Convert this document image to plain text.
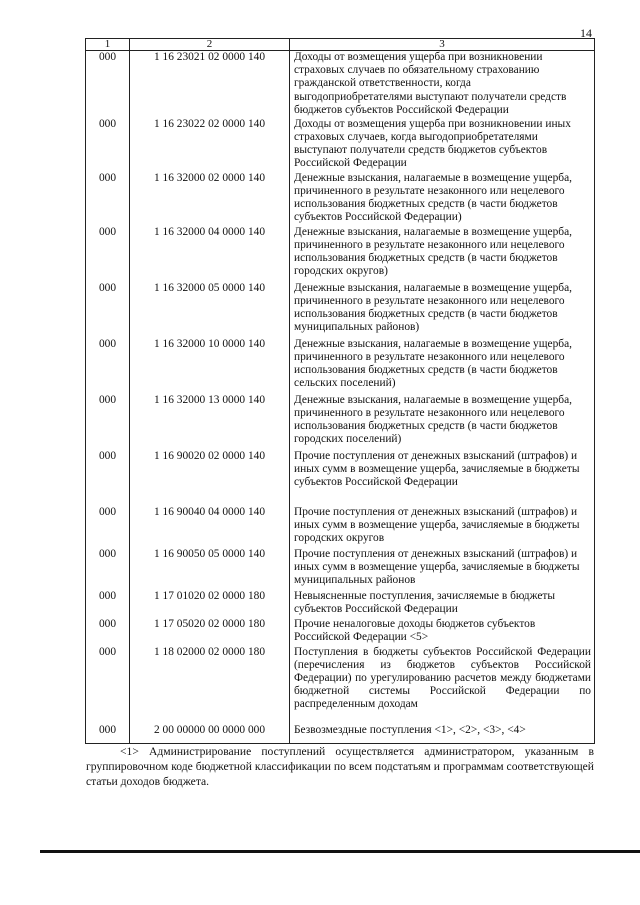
14
1	2	3
000	1 16 23021 02 0000 140	Доходы от возмещения ущерба при возникновении страховых случаев по обязательному страхованию гражданской ответственности, когда выгодоприобретателями выступают получатели средств бюджетов субъектов Российской Федерации
000	1 16 23022 02 0000 140	Доходы от возмещения ущерба при возникновении иных страховых случаев, когда выгодоприобретателями выступают получатели средств бюджетов субъектов Российской Федерации
000	1 16 32000 02 0000 140	Денежные взыскания, налагаемые в возмещение ущерба, причиненного в результате незаконного или нецелевого использования бюджетных средств (в части бюджетов субъектов Российской Федерации)
000	1 16 32000 04 0000 140	Денежные взыскания, налагаемые в возмещение ущерба, причиненного в результате незаконного или нецелевого использования бюджетных средств (в части бюджетов городских округов)
000	1 16 32000 05 0000 140	Денежные взыскания, налагаемые в возмещение ущерба, причиненного в результате незаконного или нецелевого использования бюджетных средств (в части бюджетов муниципальных районов)
000	1 16 32000 10 0000 140	Денежные взыскания, налагаемые в возмещение ущерба, причиненного в результате незаконного или нецелевого использования бюджетных средств (в части бюджетов сельских поселений)
000	1 16 32000 13 0000 140	Денежные взыскания, налагаемые в возмещение ущерба, причиненного в результате незаконного или нецелевого использования бюджетных средств (в части бюджетов городских поселений)
000	1 16 90020 02 0000 140	Прочие поступления от денежных взысканий (штрафов) и иных сумм в возмещение ущерба, зачисляемые в бюджеты субъектов Российской Федерации
000	1 16 90040 04 0000 140	Прочие поступления от денежных взысканий (штрафов) и иных сумм в возмещение ущерба, зачисляемые в бюджеты городских округов
000	1 16 90050 05 0000 140	Прочие поступления от денежных взысканий (штрафов) и иных сумм в возмещение ущерба, зачисляемые в бюджеты муниципальных районов
000	1 17 01020 02 0000 180	Невыясненные поступления, зачисляемые в бюджеты субъектов Российской Федерации
000	1 17 05020 02 0000 180	Прочие неналоговые доходы бюджетов субъектов Российской Федерации <5>
000	1 18 02000 02 0000 180	Поступления в бюджеты субъектов Российской Федерации (перечисления из бюджетов субъектов Российской Федерации) по урегулированию расчетов между бюджетами бюджетной системы Российской Федерации по распределенным доходам
000	2 00 00000 00 0000 000	Безвозмездные поступления <1>, <2>, <3>, <4>

<1> Администрирование поступлений осуществляется администратором, указанным в группировочном коде бюджетной классификации по всем подстатьям и программам соответствующей статьи доходов бюджета.
